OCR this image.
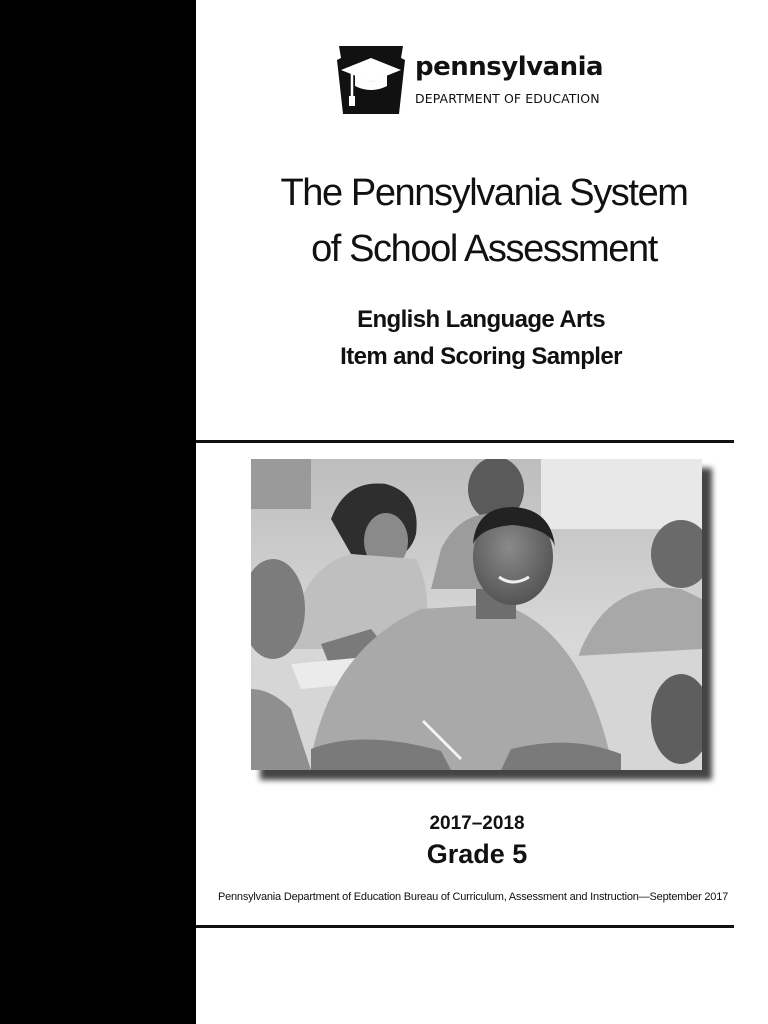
pennsylvania
DEPARTMENT OF EDUCATION
The Pennsylvania System
of School Assessment
English Language Arts
Item and Scoring Sampler
2017–2018
Grade 5
Pennsylvania Department of Education Bureau of Curriculum, Assessment and Instruction—September 2017
